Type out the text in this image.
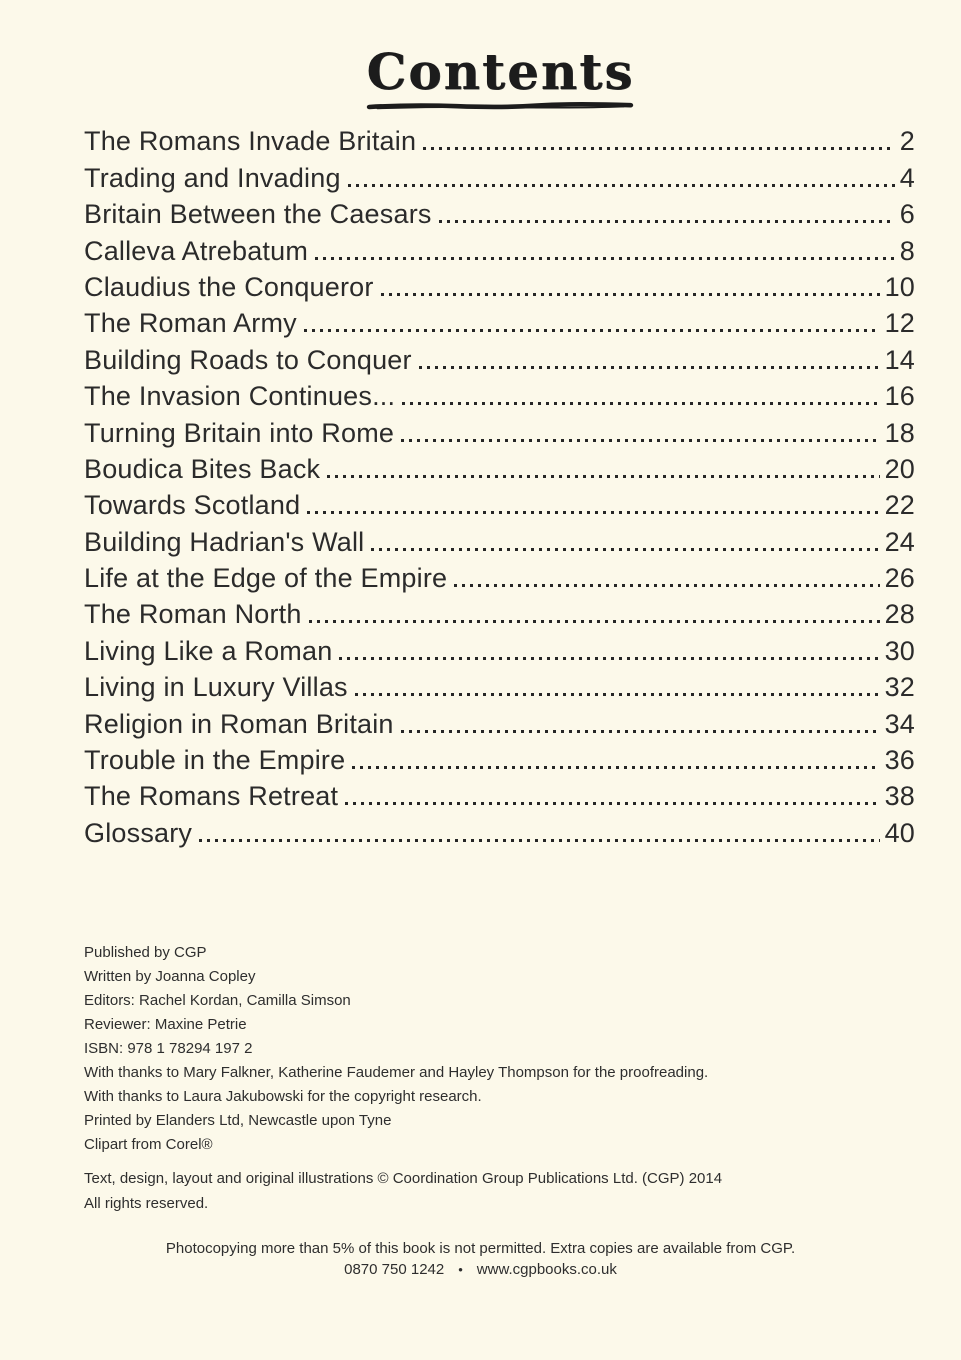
Contents
The Romans Invade Britain	2
Trading and Invading	4
Britain Between the Caesars	6
Calleva Atrebatum	8
Claudius the Conqueror	10
The Roman Army	12
Building Roads to Conquer	14
The Invasion Continues...	16
Turning Britain into Rome	18
Boudica Bites Back	20
Towards Scotland	22
Building Hadrian's Wall	24
Life at the Edge of the Empire	26
The Roman North	28
Living Like a Roman	30
Living in Luxury Villas	32
Religion in Roman Britain	34
Trouble in the Empire	36
The Romans Retreat	38
Glossary	40
Published by CGP
Written by Joanna Copley
Editors: Rachel Kordan, Camilla Simson
Reviewer: Maxine Petrie
ISBN: 978 1 78294 197 2
With thanks to Mary Falkner, Katherine Faudemer and Hayley Thompson for the proofreading.
With thanks to Laura Jakubowski for the copyright research.
Printed by Elanders Ltd, Newcastle upon Tyne
Clipart from Corel®
Text, design, layout and original illustrations © Coordination Group Publications Ltd. (CGP) 2014
All rights reserved.
Photocopying more than 5% of this book is not permitted. Extra copies are available from CGP.
0870 750 1242 • www.cgpbooks.co.uk
